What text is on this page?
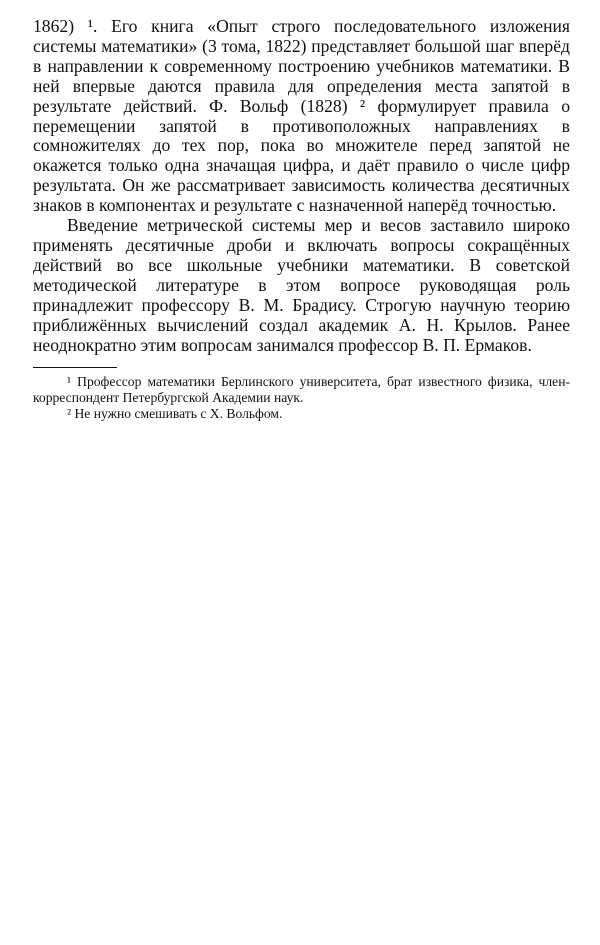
1862) ¹. Его книга «Опыт строго последовательного изложения системы математики» (3 тома, 1822) представляет большой шаг вперёд в направлении к современному построению учебников математики. В ней впервые даются правила для определения места запятой в результате действий. Ф. Вольф (1828) ² формулирует правила о перемещении запятой в противоположных направлениях в сомножителях до тех пор, пока во множителе перед запятой не окажется только одна значащая цифра, и даёт правило о числе цифр результата. Он же рассматривает зависимость количества десятичных знаков в компонентах и результате с назначенной наперёд точностью.

Введение метрической системы мер и весов заставило широко применять десятичные дроби и включать вопросы сокращённых действий во все школьные учебники математики. В советской методической литературе в этом вопросе руководящая роль принадлежит профессору В. М. Брадису. Строгую научную теорию приближённых вычислений создал академик А. Н. Крылов. Ранее неоднократно этим вопросам занимался профессор В. П. Ермаков.

¹ Профессор математики Берлинского университета, брат известного физика, член-корреспондент Петербургской Академии наук.

² Не нужно смешивать с Х. Вольфом.
